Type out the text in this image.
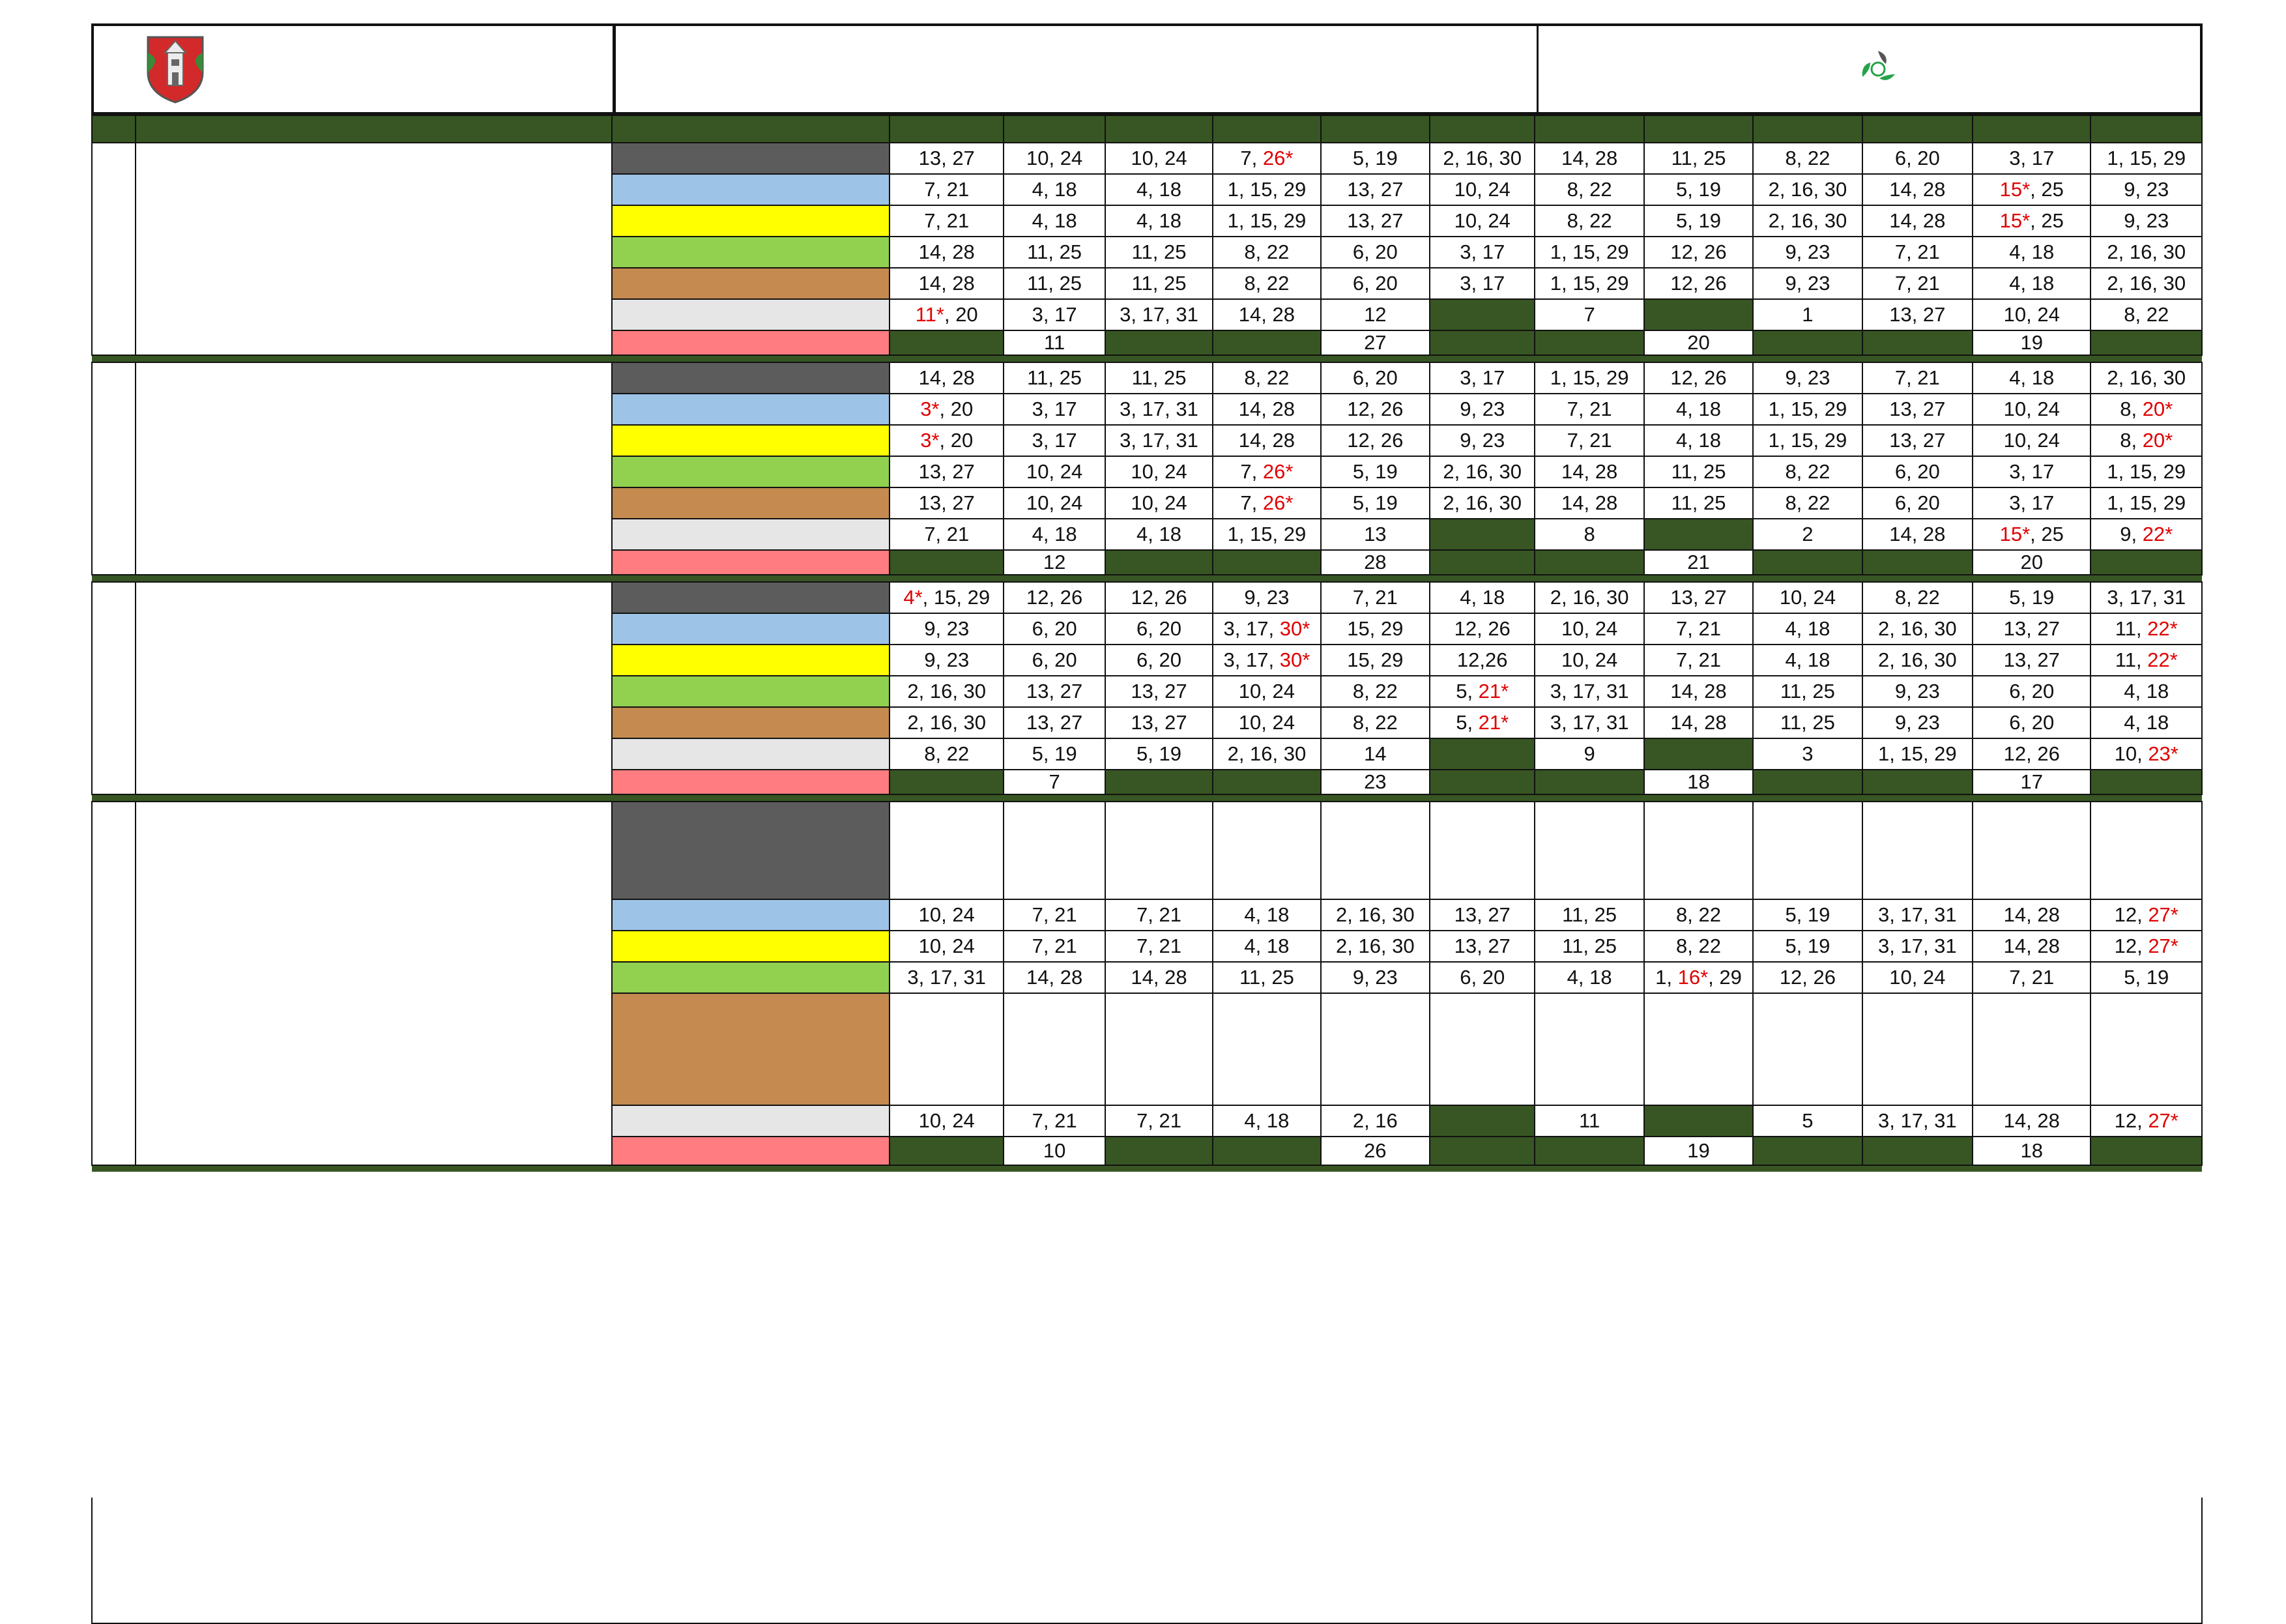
			13, 27	10, 24	10, 24	7, 26*	5, 19	2, 16, 30	14, 28	11, 25	8, 22	6, 20	3, 17	1, 15, 29
			7, 21	4, 18	4, 18	1, 15, 29	13, 27	10, 24	8, 22	5, 19	2, 16, 30	14, 28	15*, 25	9, 23
			7, 21	4, 18	4, 18	1, 15, 29	13, 27	10, 24	8, 22	5, 19	2, 16, 30	14, 28	15*, 25	9, 23
			14, 28	11, 25	11, 25	8, 22	6, 20	3, 17	1, 15, 29	12, 26	9, 23	7, 21	4, 18	2, 16, 30
			14, 28	11, 25	11, 25	8, 22	6, 20	3, 17	1, 15, 29	12, 26	9, 23	7, 21	4, 18	2, 16, 30
			11*, 20	3, 17	3, 17, 31	14, 28	12		7		1	13, 27	10, 24	8, 22
				11			27			20			19	

			14, 28	11, 25	11, 25	8, 22	6, 20	3, 17	1, 15, 29	12, 26	9, 23	7, 21	4, 18	2, 16, 30
			3*, 20	3, 17	3, 17, 31	14, 28	12, 26	9, 23	7, 21	4, 18	1, 15, 29	13, 27	10, 24	8, 20*
			3*, 20	3, 17	3, 17, 31	14, 28	12, 26	9, 23	7, 21	4, 18	1, 15, 29	13, 27	10, 24	8, 20*
			13, 27	10, 24	10, 24	7, 26*	5, 19	2, 16, 30	14, 28	11, 25	8, 22	6, 20	3, 17	1, 15, 29
			13, 27	10, 24	10, 24	7, 26*	5, 19	2, 16, 30	14, 28	11, 25	8, 22	6, 20	3, 17	1, 15, 29
			7, 21	4, 18	4, 18	1, 15, 29	13		8		2	14, 28	15*, 25	9, 22*
				12			28			21			20	

			4*, 15, 29	12, 26	12, 26	9, 23	7, 21	4, 18	2, 16, 30	13, 27	10, 24	8, 22	5, 19	3, 17, 31
			9, 23	6, 20	6, 20	3, 17, 30*	15, 29	12, 26	10, 24	7, 21	4, 18	2, 16, 30	13, 27	11, 22*
			9, 23	6, 20	6, 20	3, 17, 30*	15, 29	12,26	10, 24	7, 21	4, 18	2, 16, 30	13, 27	11, 22*
			2, 16, 30	13, 27	13, 27	10, 24	8, 22	5, 21*	3, 17, 31	14, 28	11, 25	9, 23	6, 20	4, 18
			2, 16, 30	13, 27	13, 27	10, 24	8, 22	5, 21*	3, 17, 31	14, 28	11, 25	9, 23	6, 20	4, 18
			8, 22	5, 19	5, 19	2, 16, 30	14		9		3	1, 15, 29	12, 26	10, 23*
				7			23			18			17	

			10, 24	7, 21	7, 21	4, 18	2, 16, 30	13, 27	11, 25	8, 22	5, 19	3, 17, 31	14, 28	12, 27*
			10, 24	7, 21	7, 21	4, 18	2, 16, 30	13, 27	11, 25	8, 22	5, 19	3, 17, 31	14, 28	12, 27*
			3, 17, 31	14, 28	14, 28	11, 25	9, 23	6, 20	4, 18	1, 16*, 29	12, 26	10, 24	7, 21	5, 19

			10, 24	7, 21	7, 21	4, 18	2, 16		11		5	3, 17, 31	14, 28	12, 27*
				10			26			19			18	
